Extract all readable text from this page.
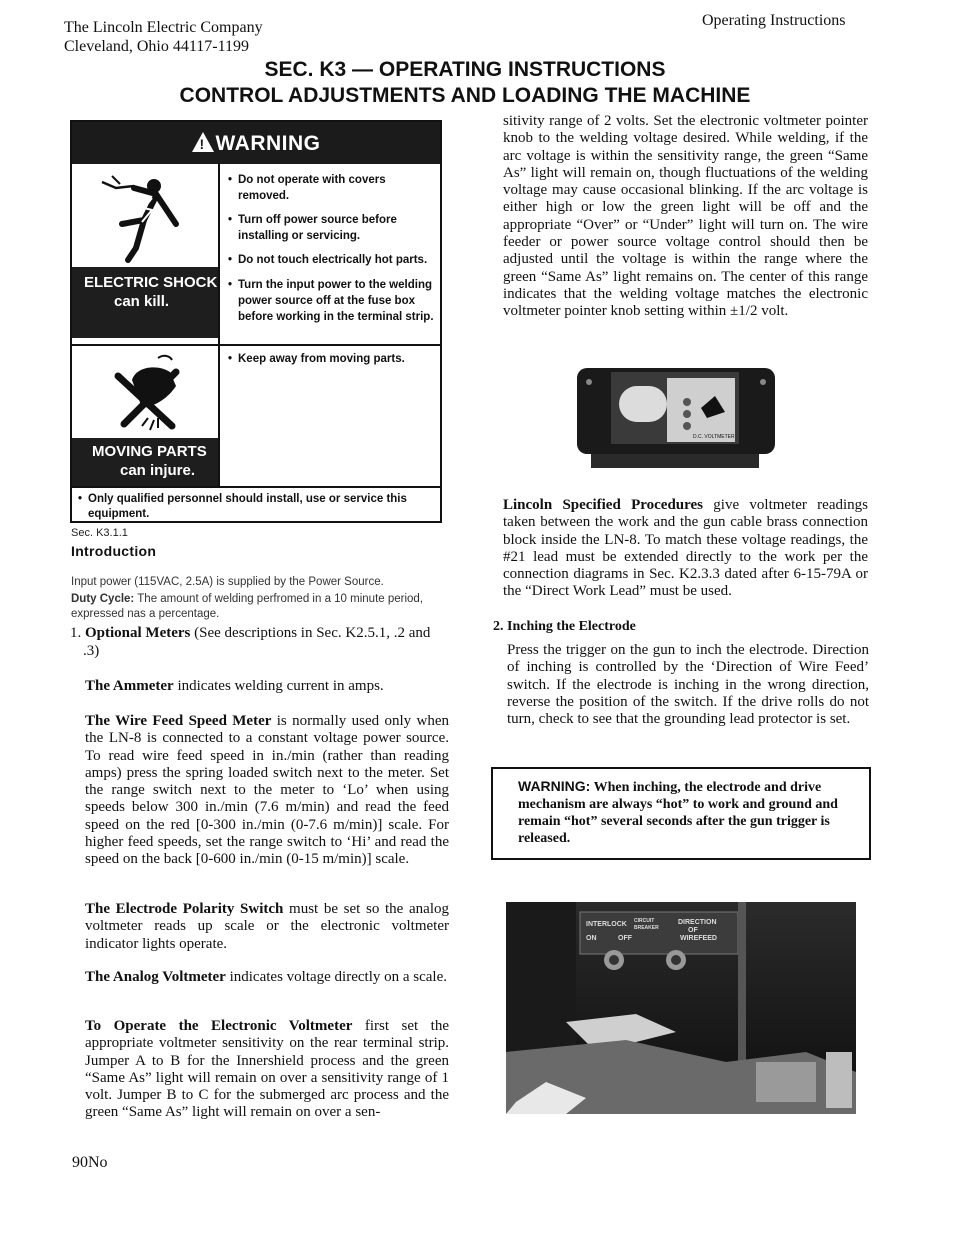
The Lincoln Electric Company
Cleveland, Ohio 44117-1199
Operating Instructions
SEC. K3 — OPERATING INSTRUCTIONS
CONTROL ADJUSTMENTS AND LOADING THE MACHINE
! WARNING
ELECTRIC SHOCK
can kill.
• Do not operate with covers removed.
• Turn off power source before installing or servicing.
• Do not touch electrically hot parts.
• Turn the input power to the welding power source off at the fuse box before working in the terminal strip.
MOVING PARTS
can injure.
• Keep away from moving parts.
• Only qualified personnel should install, use or service this equipment.
Sec. K3.1.1
Introduction
Input power (115VAC, 2.5A) is supplied by the Power Source.
Duty Cycle: The amount of welding perfromed in a 10 minute period, expressed nas a percentage.
1. Optional Meters (See descriptions in Sec. K2.5.1, .2 and
.3)

The Ammeter indicates welding current in amps.

The Wire Feed Speed Meter is normally used only when the LN-8 is connected to a constant voltage power source. To read wire feed speed in in./min (rather than reading amps) press the spring loaded switch next to the meter. Set the range switch next to the meter to ‘Lo’ when using speeds below 300 in./min (7.6 m/min) and read the feed speed on the red [0-300 in./min (0-7.6 m/min)] scale. For higher feed speeds, set the range switch to ‘Hi’ and read the speed on the back [0-600 in./min (0-15 m/min)] scale.

The Electrode Polarity Switch must be set so the analog voltmeter reads up scale or the electronic voltmeter indicator lights operate.

The Analog Voltmeter indicates voltage directly on a scale.

To Operate the Electronic Voltmeter first set the appropriate voltmeter sensitivity on the rear terminal strip. Jumper A to B for the Innershield process and the green “Same As” light will remain on over a sensitivity range of 1 volt. Jumper B to C for the submerged arc process and the green “Same As” light will remain on over a sen-

sitivity range of 2 volts. Set the electronic voltmeter pointer knob to the welding voltage desired. While welding, if the arc voltage is within the sensitivity range, the green “Same As” light will remain on, though fluctuations of the welding voltage may cause occasional blinking. If the arc voltage is either high or low the green light will be off and the appropriate “Over” or “Under” light will turn on. The wire feeder or power source voltage control should then be adjusted until the voltage is within the range where the green “Same As” light remains on. The center of this range indicates that the welding voltage matches the electronic voltmeter pointer knob setting within ±1/2 volt.

D.C. VOLTMETER

Lincoln Specified Procedures give voltmeter readings taken between the work and the gun cable brass connection block inside the LN-8. To match these voltage readings, the #21 lead must be extended directly to the work per the connection diagrams in Sec. K2.3.3 dated after 6-15-79A or the “Direct Work Lead” must be used.

2. Inching the Electrode

Press the trigger on the gun to inch the electrode. Direction of inching is controlled by the ‘Direction of Wire Feed’ switch. If the electrode is inching in the wrong direction, reverse the position of the switch. If the drive rolls do not turn, check to see that the grounding lead protector is set.

WARNING: When inching, the electrode and drive mechanism are always “hot” to work and ground and remain “hot” several seconds after the gun trigger is released.
INTERLOCK CIRCUIT
BREAKER
DIRECTION
OF
WIREFEED
ON	OFF
90No
